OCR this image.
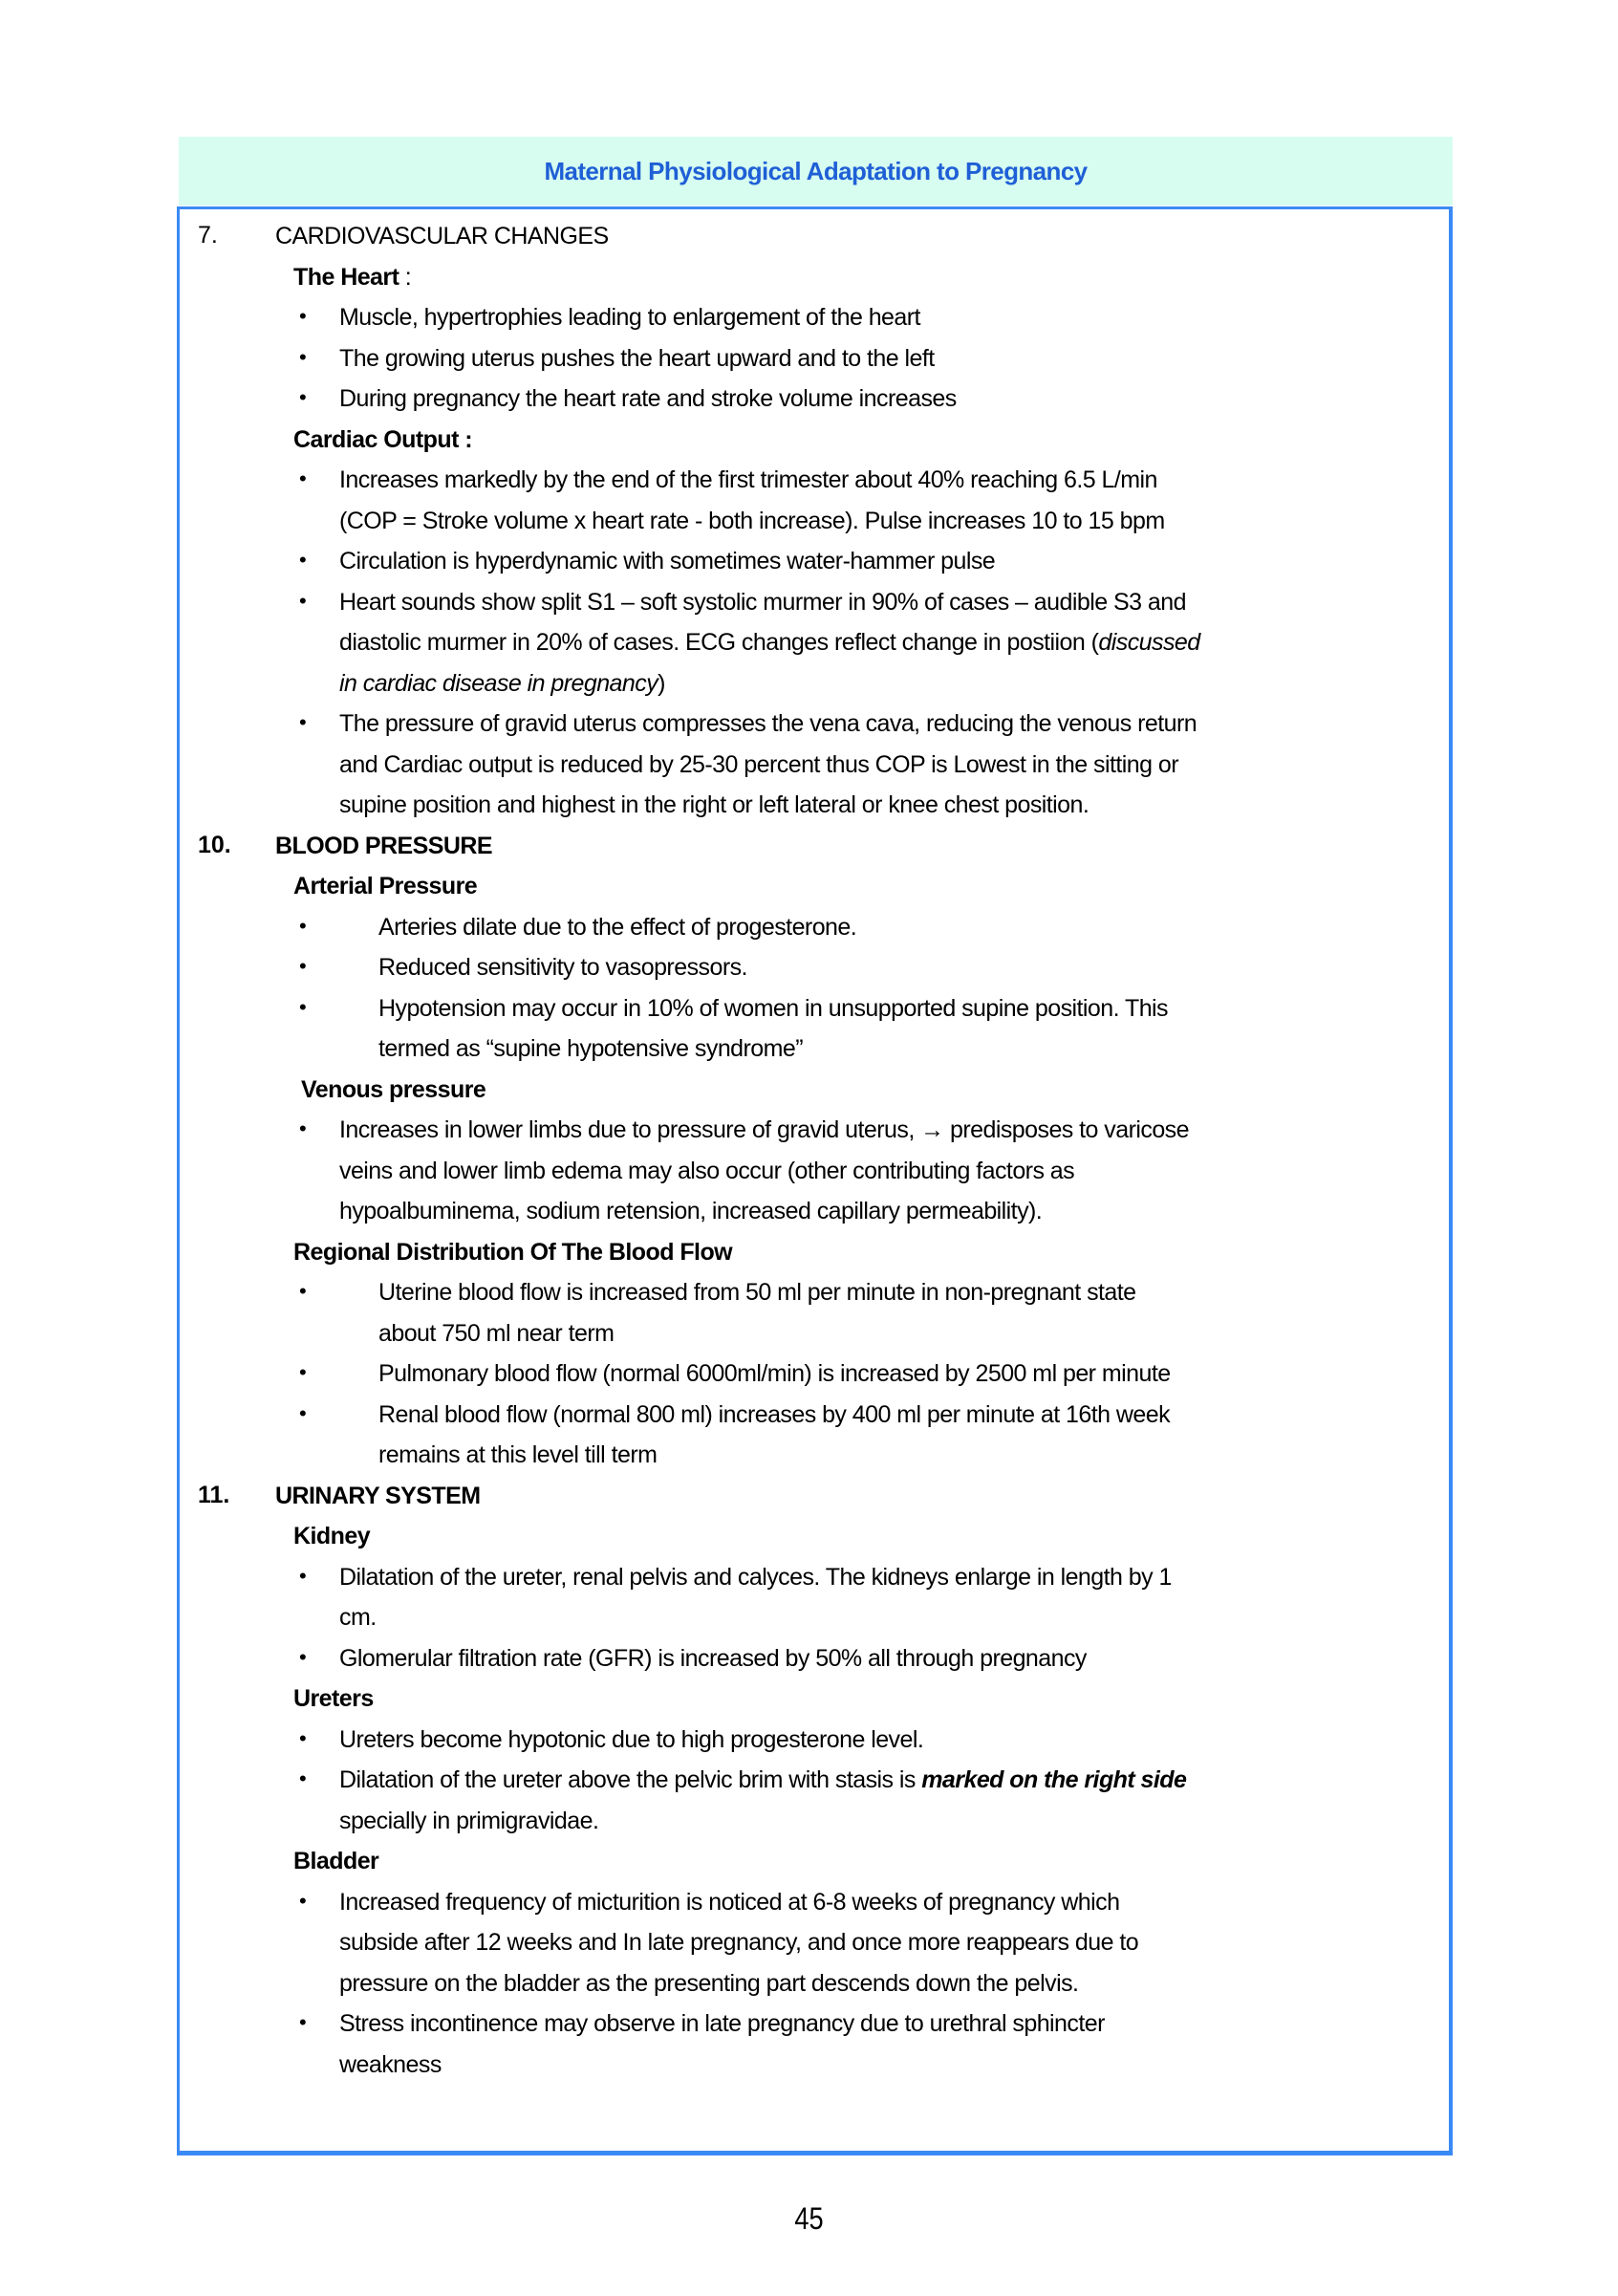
Maternal Physiological Adaptation to Pregnancy
7. CARDIOVASCULAR CHANGES
The Heart :
• Muscle, hypertrophies leading to enlargement of the heart
• The growing uterus pushes the heart upward and to the left
• During pregnancy the heart rate and stroke volume increases
Cardiac Output :
• Increases markedly by the end of the first trimester about 40% reaching 6.5 L/min
(COP = Stroke volume x heart rate - both increase). Pulse increases 10 to 15 bpm
• Circulation is hyperdynamic with sometimes water-hammer pulse
• Heart sounds show split S1 – soft systolic murmer in 90% of cases – audible S3 and
diastolic murmer in 20% of cases. ECG changes reflect change in postiion (discussed
in cardiac disease in pregnancy)
• The pressure of gravid uterus compresses the vena cava, reducing the venous return
and Cardiac output is reduced by 25-30 percent thus COP is Lowest in the sitting or
supine position and highest in the right or left lateral or knee chest position.
10. BLOOD PRESSURE
Arterial Pressure
•	Arteries dilate due to the effect of progesterone.
•	Reduced sensitivity to vasopressors.
•	Hypotension may occur in 10% of women in unsupported supine position. This
termed as “supine hypotensive syndrome”
Venous pressure
• Increases in lower limbs due to pressure of gravid uterus, → predisposes to varicose
veins and lower limb edema may also occur (other contributing factors as
hypoalbuminema, sodium retension, increased capillary permeability).
Regional Distribution Of The Blood Flow
•	Uterine blood flow is increased from 50 ml per minute in non-pregnant state
about 750 ml near term
•	Pulmonary blood flow (normal 6000ml/min) is increased by 2500 ml per minute
•	Renal blood flow (normal 800 ml) increases by 400 ml per minute at 16th week
remains at this level till term
11. URINARY SYSTEM
Kidney
• Dilatation of the ureter, renal pelvis and calyces. The kidneys enlarge in length by 1
cm.
• Glomerular filtration rate (GFR) is increased by 50% all through pregnancy
Ureters
• Ureters become hypotonic due to high progesterone level.
• Dilatation of the ureter above the pelvic brim with stasis is marked on the right side
specially in primigravidae.
Bladder
• Increased frequency of micturition is noticed at 6-8 weeks of pregnancy which
subside after 12 weeks and In late pregnancy, and once more reappears due to
pressure on the bladder as the presenting part descends down the pelvis.
• Stress incontinence may observe in late pregnancy due to urethral sphincter
weakness
45
